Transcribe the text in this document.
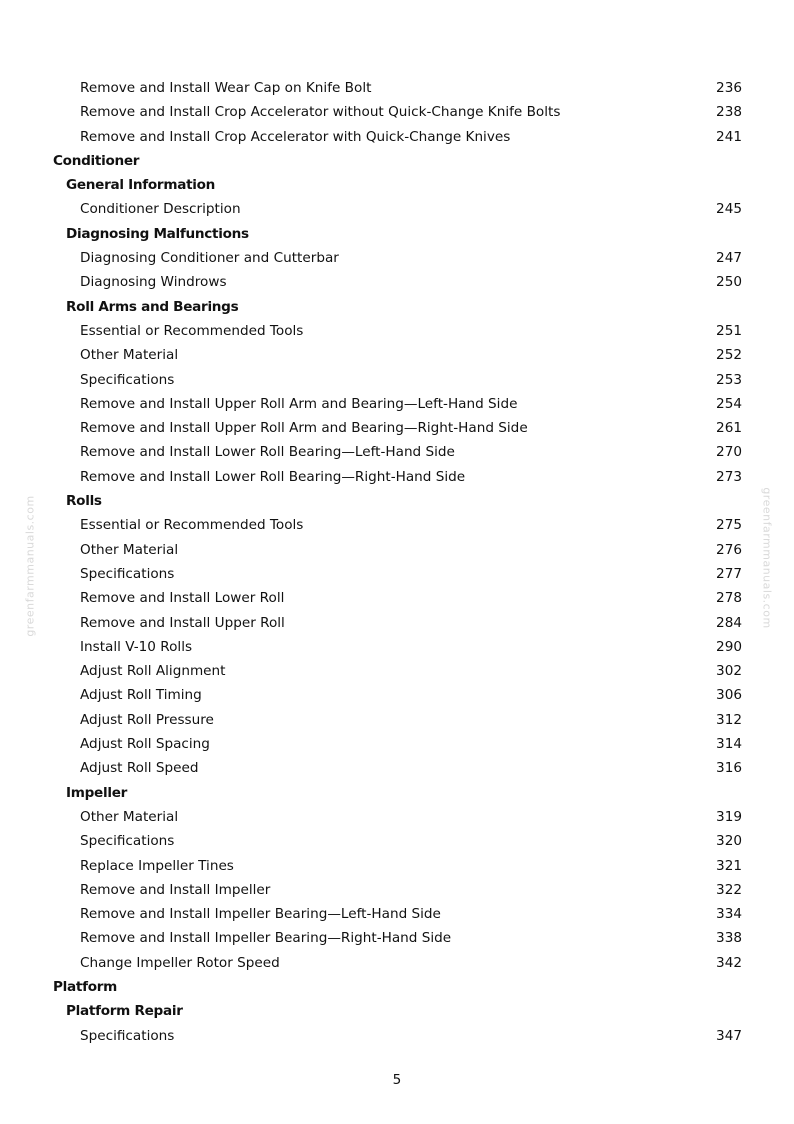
greenfarmmanuals.com	greenfarmmanuals.com
Remove and Install Wear Cap on Knife Bolt	236
Remove and Install Crop Accelerator without Quick-Change Knife Bolts	238
Remove and Install Crop Accelerator with Quick-Change Knives	241
Conditioner
General Information
Conditioner Description	245
Diagnosing Malfunctions
Diagnosing Conditioner and Cutterbar	247
Diagnosing Windrows	250
Roll Arms and Bearings
Essential or Recommended Tools	251
Other Material	252
Specifications	253
Remove and Install Upper Roll Arm and Bearing—Left-Hand Side	254
Remove and Install Upper Roll Arm and Bearing—Right-Hand Side	261
Remove and Install Lower Roll Bearing—Left-Hand Side	270
Remove and Install Lower Roll Bearing—Right-Hand Side	273
Rolls
Essential or Recommended Tools	275
Other Material	276
Specifications	277
Remove and Install Lower Roll	278
Remove and Install Upper Roll	284
Install V-10 Rolls	290
Adjust Roll Alignment	302
Adjust Roll Timing	306
Adjust Roll Pressure	312
Adjust Roll Spacing	314
Adjust Roll Speed	316
Impeller
Other Material	319
Specifications	320
Replace Impeller Tines	321
Remove and Install Impeller	322
Remove and Install Impeller Bearing—Left-Hand Side	334
Remove and Install Impeller Bearing—Right-Hand Side	338
Change Impeller Rotor Speed	342
Platform
Platform Repair
Specifications	347
5
